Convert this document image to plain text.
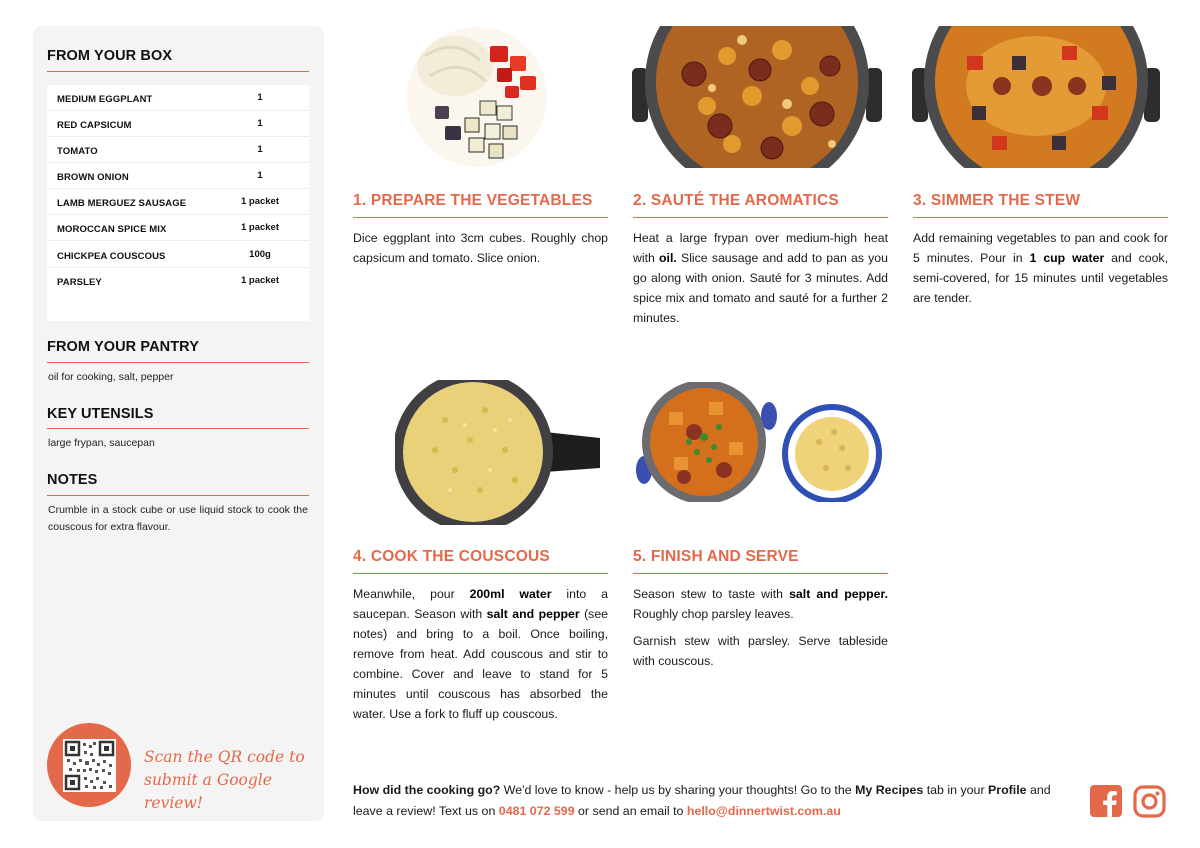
FROM YOUR BOX
MEDIUM EGGPLANT	1
RED CAPSICUM	1
TOMATO	1
BROWN ONION	1
LAMB MERGUEZ SAUSAGE	1 packet
MOROCCAN SPICE MIX	1 packet
CHICKPEA COUSCOUS	100g
PARSLEY	1 packet
FROM YOUR PANTRY
oil for cooking, salt, pepper
KEY UTENSILS
large frypan, saucepan
NOTES
Crumble in a stock cube or use liquid stock to cook the couscous for extra flavour.
Scan the QR code to
submit a Google review!
1. PREPARE THE VEGETABLES

Dice eggplant into 3cm cubes. Roughly chop capsicum and tomato. Slice onion.

2. SAUTÉ THE AROMATICS

Heat a large frypan over medium-high heat with oil. Slice sausage and add to pan as you go along with onion. Sauté for 3 minutes. Add spice mix and tomato and sauté for a further 2 minutes.

3. SIMMER THE STEW

Add remaining vegetables to pan and cook for 5 minutes. Pour in 1 cup water and cook, semi-covered, for 15 minutes until vegetables are tender.

4. COOK THE COUSCOUS

Meanwhile, pour 200ml water into a saucepan. Season with salt and pepper (see notes) and bring to a boil. Once boiling, remove from heat. Add couscous and stir to combine. Cover and leave to stand for 5 minutes until couscous has absorbed the water. Use a fork to fluff up couscous.

5. FINISH AND SERVE

Season stew to taste with salt and pepper. Roughly chop parsley leaves.

Garnish stew with parsley. Serve tableside with couscous.

How did the cooking go? We'd love to know - help us by sharing your thoughts! Go to the My Recipes tab in your Profile and leave a review! Text us on 0481 072 599 or send an email to hello@dinnertwist.com.au
